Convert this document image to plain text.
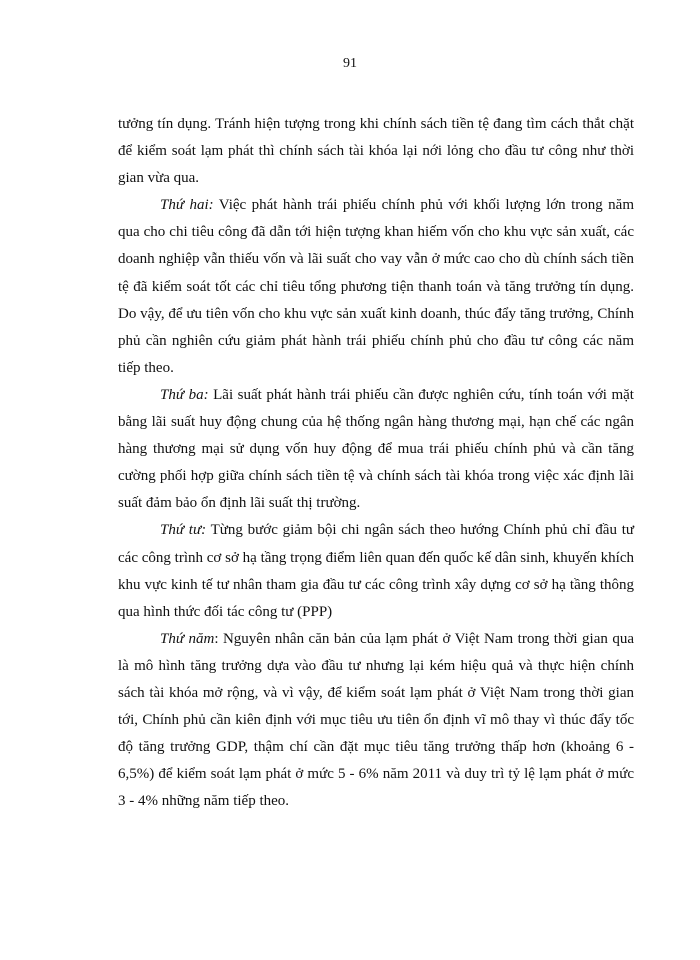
91

tưởng tín dụng. Tránh hiện tượng trong khi chính sách tiền tệ đang tìm cách thắt chặt để kiểm soát lạm phát thì chính sách tài khóa lại nới lỏng cho đầu tư công như thời gian vừa qua.

Thứ hai: Việc phát hành trái phiếu chính phủ với khối lượng lớn trong năm qua cho chi tiêu công đã dẫn tới hiện tượng khan hiếm vốn cho khu vực sản xuất, các doanh nghiệp vẫn thiếu vốn và lãi suất cho vay vẫn ở mức cao cho dù chính sách tiền tệ đã kiểm soát tốt các chỉ tiêu tổng phương tiện thanh toán và tăng trưởng tín dụng. Do vậy, để ưu tiên vốn cho khu vực sản xuất kinh doanh, thúc đẩy tăng trưởng, Chính phủ cần nghiên cứu giảm phát hành trái phiếu chính phủ cho đầu tư công các năm tiếp theo.

Thứ ba: Lãi suất phát hành trái phiếu cần được nghiên cứu, tính toán với mặt bằng lãi suất huy động chung của hệ thống ngân hàng thương mại, hạn chế các ngân hàng thương mại sử dụng vốn huy động để mua trái phiếu chính phủ và cần tăng cường phối hợp giữa chính sách tiền tệ và chính sách tài khóa trong việc xác định lãi suất đảm bảo ổn định lãi suất thị trường.

Thứ tư: Từng bước giảm bội chi ngân sách theo hướng Chính phủ chỉ đầu tư các công trình cơ sở hạ tầng trọng điểm liên quan đến quốc kế dân sinh, khuyến khích khu vực kinh tế tư nhân tham gia đầu tư các công trình xây dựng cơ sở hạ tầng thông qua hình thức đối tác công tư (PPP)

Thứ năm: Nguyên nhân căn bản của lạm phát ở Việt Nam trong thời gian qua là mô hình tăng trưởng dựa vào đầu tư nhưng lại kém hiệu quả và thực hiện chính sách tài khóa mở rộng, và vì vậy, để kiểm soát lạm phát ở Việt Nam trong thời gian tới, Chính phủ cần kiên định với mục tiêu ưu tiên ổn định vĩ mô thay vì thúc đẩy tốc độ tăng trưởng GDP, thậm chí cần đặt mục tiêu tăng trưởng thấp hơn (khoảng 6 - 6,5%) để kiểm soát lạm phát ở mức 5 - 6% năm 2011 và duy trì tỷ lệ lạm phát ở mức 3 - 4% những năm tiếp theo.
